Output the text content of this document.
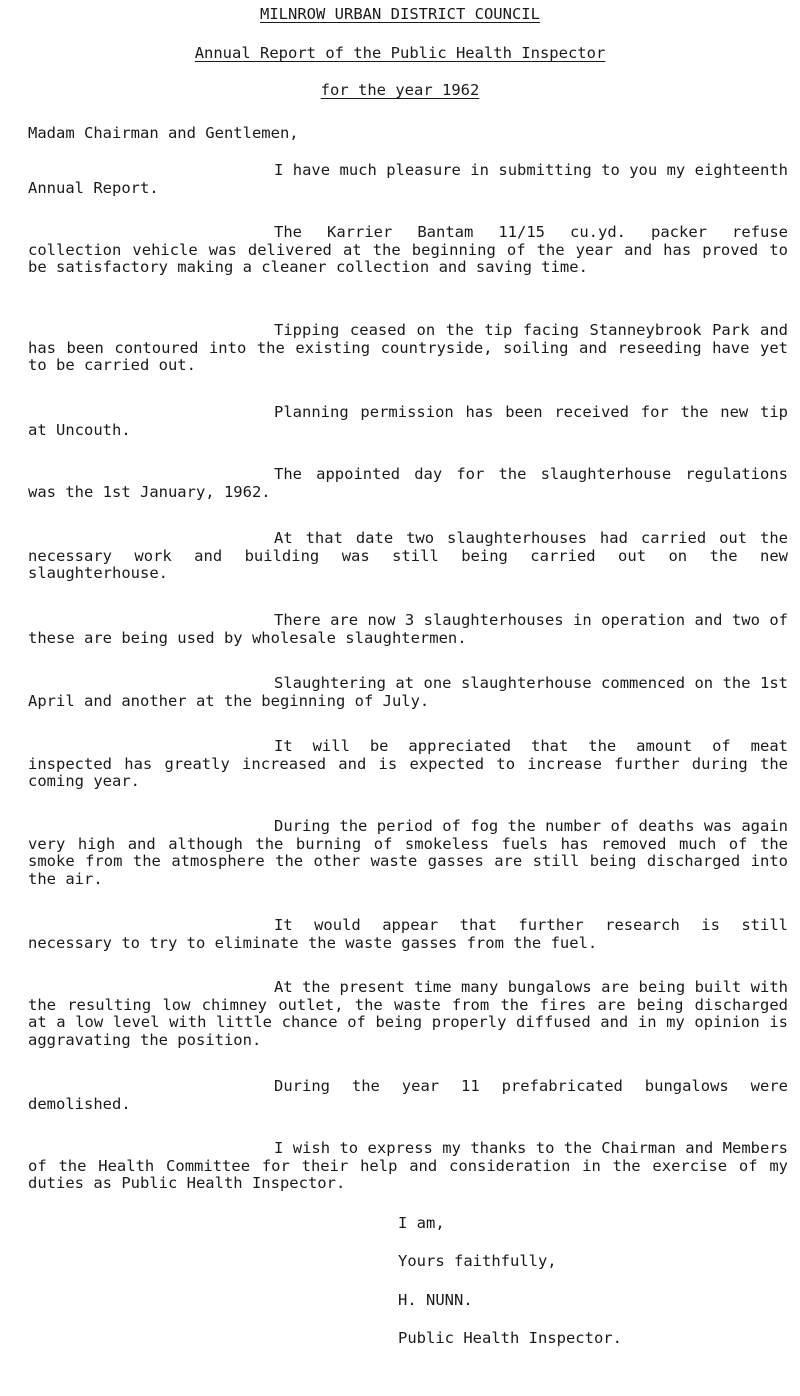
MILNROW URBAN DISTRICT COUNCIL
Annual Report of the Public Health Inspector
for the year 1962

Madam Chairman and Gentlemen,

I have much pleasure in submitting to you my eighteenth Annual Report.

The Karrier Bantam 11/15 cu.yd. packer refuse collection vehicle was delivered at the beginning of the year and has proved to be satisfactory making a cleaner collection and saving time.

Tipping ceased on the tip facing Stanneybrook Park and has been contoured into the existing countryside, soiling and reseeding have yet to be carried out.

Planning permission has been received for the new tip at Uncouth.

The appointed day for the slaughterhouse regulations was the 1st January, 1962.

At that date two slaughterhouses had carried out the necessary work and building was still being carried out on the new slaughterhouse.

There are now 3 slaughterhouses in operation and two of these are being used by wholesale slaughtermen.

Slaughtering at one slaughterhouse commenced on the 1st April and another at the beginning of July.

It will be appreciated that the amount of meat inspected has greatly increased and is expected to increase further during the coming year.

During the period of fog the number of deaths was again very high and although the burning of smokeless fuels has removed much of the smoke from the atmosphere the other waste gasses are still being discharged into the air.

It would appear that further research is still necessary to try to eliminate the waste gasses from the fuel.

At the present time many bungalows are being built with the resulting low chimney outlet, the waste from the fires are being discharged at a low level with little chance of being properly diffused and in my opinion is aggravating the position.

During the year 11 prefabricated bungalows were demolished.

I wish to express my thanks to the Chairman and Members of the Health Committee for their help and consideration in the exercise of my duties as Public Health Inspector.

I am,
Yours faithfully,
H. NUNN.
Public Health Inspector.
